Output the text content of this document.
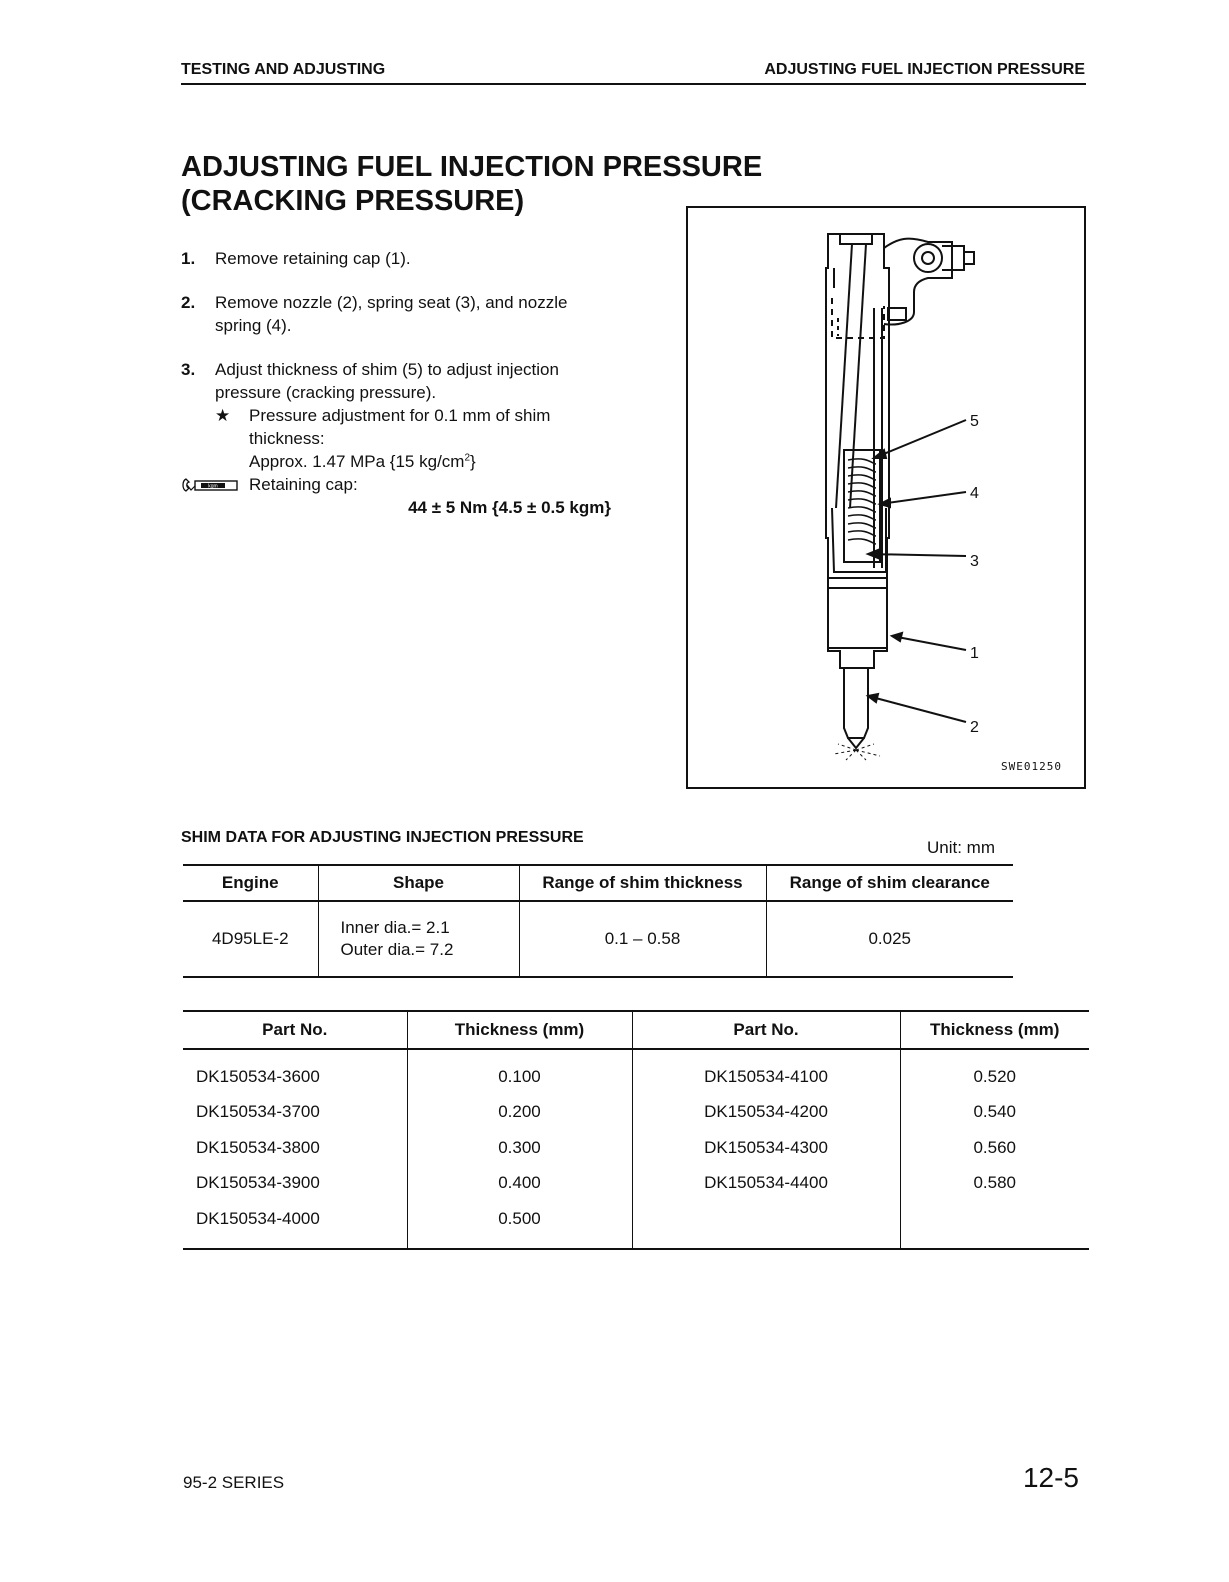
TESTING AND ADJUSTING	ADJUSTING FUEL INJECTION PRESSURE
ADJUSTING FUEL INJECTION PRESSURE
(CRACKING PRESSURE)
1.	Remove retaining cap (1).
2.	Remove nozzle (2), spring seat (3), and nozzle spring (4).
3.	Adjust thickness of shim (5) to adjust injection pressure (cracking pressure).
★	Pressure adjustment for 0.1 mm of shim thickness:
Approx. 1.47 MPa {15 $kg/cm^2$}
kgm Retaining cap:
44 ± 5 Nm {4.5 ± 0.5 kgm}
5
4
3
1
2
SWE01250
SHIM DATA FOR ADJUSTING INJECTION PRESSURE
Unit: mm
Engine	Shape	Range of shim thickness	Range of shim clearance
4D95LE-2	Inner dia.= 2.1
Outer dia.= 7.2	0.1 – 0.58	0.025
Part No.	Thickness (mm)	Part No.	Thickness (mm)
DK150534-3600	0.100	DK150534-4100	0.520
DK150534-3700	0.200	DK150534-4200	0.540
DK150534-3800	0.300	DK150534-4300	0.560
DK150534-3900	0.400	DK150534-4400	0.580
DK150534-4000	0.500		
95-2 SERIES	12-5
